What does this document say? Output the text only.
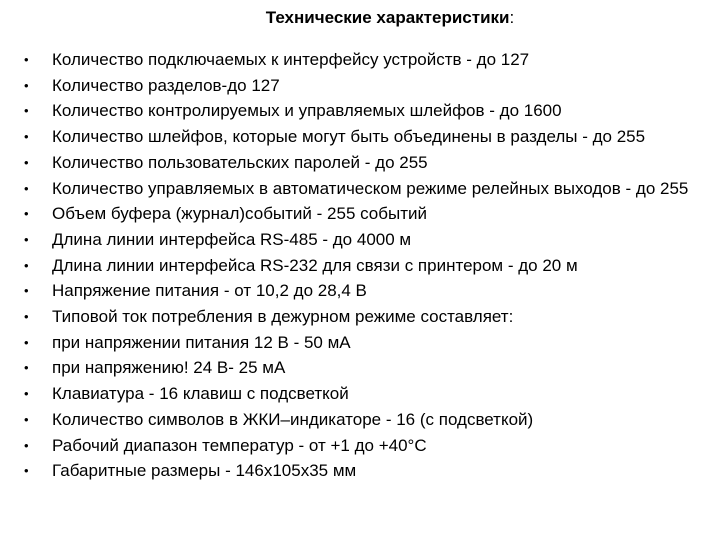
Технические характеристики:
• Количество подключаемых к интерфейсу устройств - до 127
• Количество разделов-до 127
• Количество контролируемых и управляемых шлейфов - до 1600
• Количество шлейфов, которые могут быть объединены в разделы - до 255
• Количество пользовательских паролей - до 255
• Количество управляемых в автоматическом режиме релейных выходов - до 255
• Объем буфера (журнал)событий - 255 событий
• Длина линии интерфейса RS-485 - до 4000 м
• Длина линии интерфейса RS-232 для связи с принтером - до 20 м
• Напряжение питания - от 10,2 до 28,4 В
• Типовой ток потребления в дежурном режиме составляет:
• при напряжении питания 12 В - 50 мА
• при напряжению! 24 В- 25 мА
• Клавиатура - 16 клавиш с подсветкой
• Количество символов в ЖКИ–индикаторе - 16 (с подсветкой)
• Рабочий диапазон температур - от +1 до +40°С
• Габаритные размеры - 146х105х35 мм
